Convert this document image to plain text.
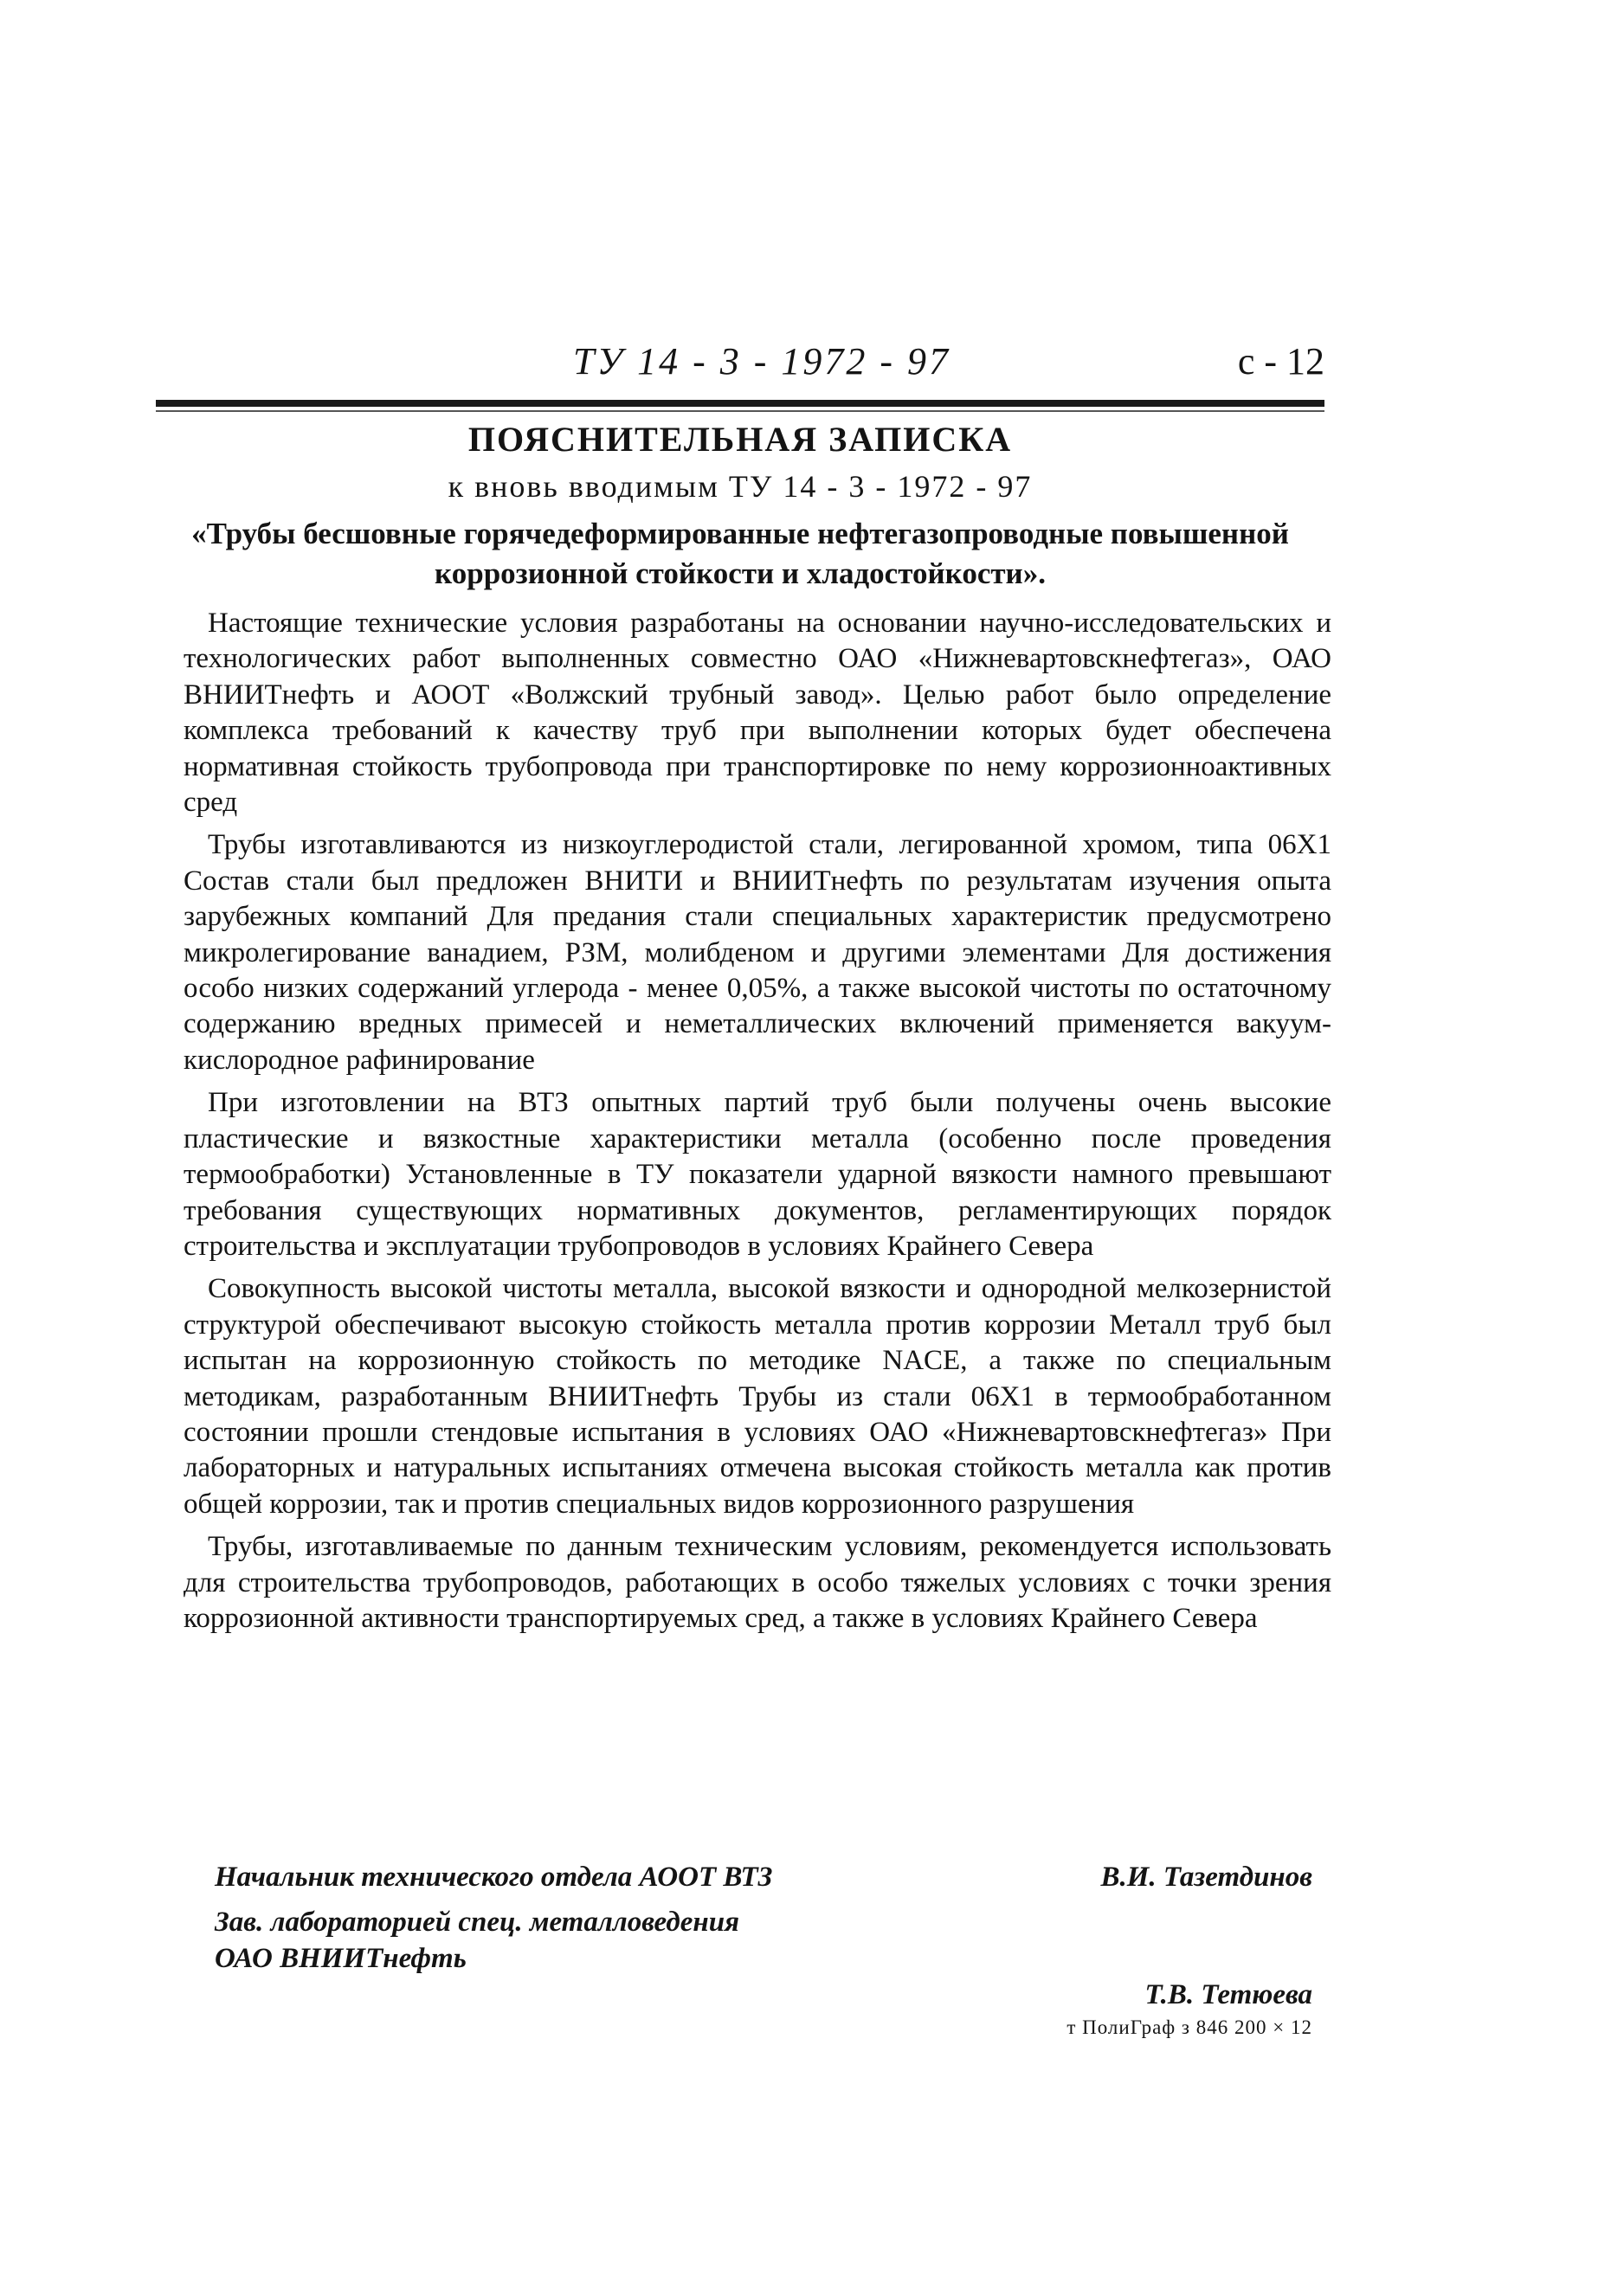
ТУ 14 - 3 - 1972 - 97	с - 12
ПОЯСНИТЕЛЬНАЯ ЗАПИСКА
к вновь вводимым ТУ 14 - 3 - 1972 - 97
«Трубы бесшовные горячедеформированные нефтегазопроводные повышенной коррозионной стойкости и хладостойкости».

Настоящие технические условия разработаны на основании научно-исследовательских и технологических работ выполненных совместно ОАО «Нижневартовскнефтегаз», ОАО ВНИИТнефть и АООТ «Волжский трубный завод». Целью работ было определение комплекса требований к качеству труб при выполнении которых будет обеспечена нормативная стойкость трубопровода при транспортировке по нему коррозионноактивных сред

Трубы изготавливаются из низкоуглеродистой стали, легированной хромом, типа 06Х1 Состав стали был предложен ВНИТИ и ВНИИТнефть по результатам изучения опыта зарубежных компаний Для предания стали специальных характеристик предусмотрено микролегирование ванадием, РЗМ, молибденом и другими элементами Для достижения особо низких содержаний углерода - менее 0,05%, а также высокой чистоты по остаточному содержанию вредных примесей и неметаллических включений применяется вакуум-кислородное рафинирование

При изготовлении на ВТЗ опытных партий труб были получены очень высокие пластические и вязкостные характеристики металла (особенно после проведения термообработки) Установленные в ТУ показатели ударной вязкости намного превышают требования существующих нормативных документов, регламентирующих порядок строительства и эксплуатации трубопроводов в условиях Крайнего Севера

Совокупность высокой чистоты металла, высокой вязкости и однородной мелкозернистой структурой обеспечивают высокую стойкость металла против коррозии Металл труб был испытан на коррозионную стойкость по методике NACE, а также по специальным методикам, разработанным ВНИИТнефть Трубы из стали 06Х1 в термообработанном состоянии прошли стендовые испытания в условиях ОАО «Нижневартовскнефтегаз» При лабораторных и натуральных испытаниях отмечена высокая стойкость металла как против общей коррозии, так и против специальных видов коррозионного разрушения

Трубы, изготавливаемые по данным техническим условиям, рекомендуется использовать для строительства трубопроводов, работающих в особо тяжелых условиях с точки зрения коррозионной активности транспортируемых сред, а также в условиях Крайнего Севера

Начальник технического отдела АООТ ВТЗ	В.И. Тазетдинов
Зав. лабораторией спец. металловедения
ОАО ВНИИТнефть
Т.В. Тетюева
т ПолиГраф з 846 200 × 12
